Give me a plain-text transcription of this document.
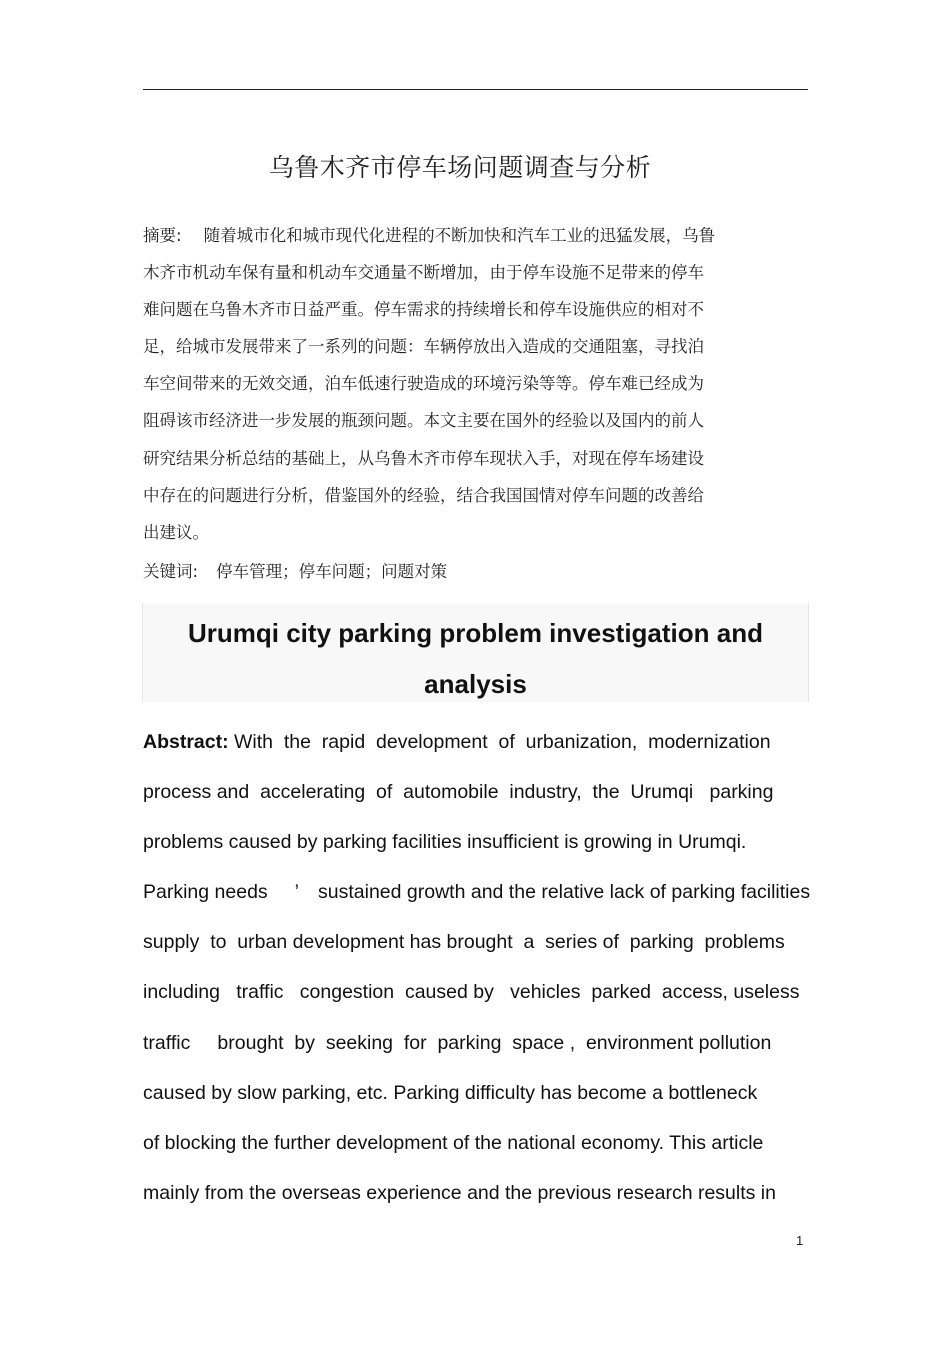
乌鲁木齐市停车场问题调查与分析
摘要: 随着城市化和城市现代化进程的不断加快和汽车工业的迅猛发展，乌鲁
木齐市机动车保有量和机动车交通量不断增加，由于停车设施不足带来的停车
难问题在乌鲁木齐市日益严重。停车需求的持续增长和停车设施供应的相对不
足，给城市发展带来了一系列的问题：车辆停放出入造成的交通阻塞，寻找泊
车空间带来的无效交通，泊车低速行驶造成的环境污染等等。停车难已经成为
阻碍该市经济进一步发展的瓶颈问题。本文主要在国外的经验以及国内的前人
研究结果分析总结的基础上，从乌鲁木齐市停车现状入手，对现在停车场建设
中存在的问题进行分析，借鉴国外的经验，结合我国国情对停车问题的改善给
出建议。
关键词: 停车管理；停车问题；问题对策
Urumqi city parking problem investigation and
analysis
Abstract: With  the  rapid  development  of  urbanization,  modernization
process and  accelerating  of  automobile  industry,  the  Urumqi   parking
problems caused by parking facilities insufficient is growing in Urumqi.
Parking needs ’ sustained growth and the relative lack of parking facilities
supply  to  urban development has brought  a  series of  parking  problems
including   traffic   congestion  caused by   vehicles  parked  access, useless
traffic     brought  by  seeking  for  parking  space ,  environment pollution
caused by slow parking, etc. Parking difficulty has become a bottleneck
of blocking the further development of the national economy. This article
mainly from the overseas experience and the previous research results in
1
